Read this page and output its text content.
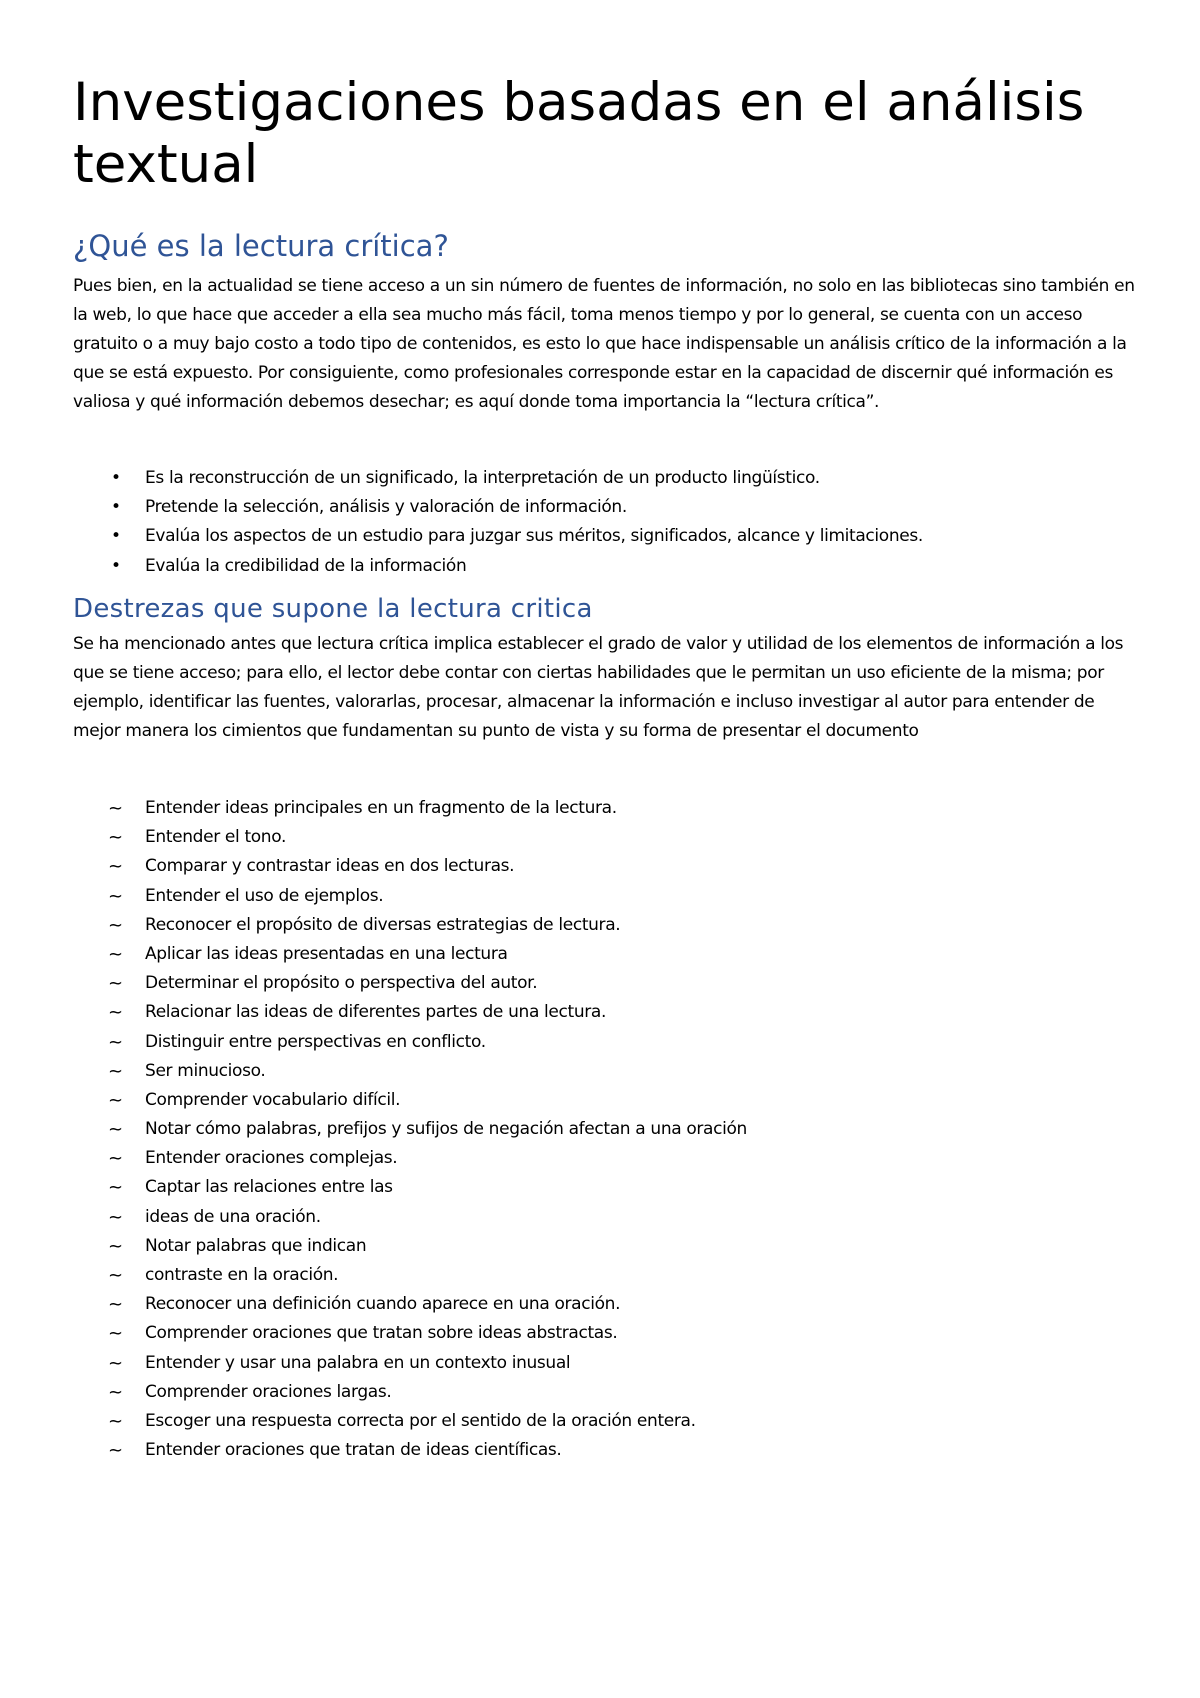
Investigaciones basadas en el análisis textual
¿Qué es la lectura crítica?

Pues bien, en la actualidad se tiene acceso a un sin número de fuentes de información, no solo en las bibliotecas sino también en la web, lo que hace que acceder a ella sea mucho más fácil, toma menos tiempo y por lo general, se cuenta con un acceso gratuito o a muy bajo costo a todo tipo de contenidos, es esto lo que hace indispensable un análisis crítico de la información a la que se está expuesto. Por consiguiente, como profesionales corresponde estar en la capacidad de discernir qué información es valiosa y qué información debemos desechar; es aquí donde toma importancia la “lectura crítica”.

• Es la reconstrucción de un significado, la interpretación de un producto lingüístico.
• Pretende la selección, análisis y valoración de información.
• Evalúa los aspectos de un estudio para juzgar sus méritos, significados, alcance y limitaciones.
• Evalúa la credibilidad de la información
Destrezas que supone la lectura critica

Se ha mencionado antes que lectura crítica implica establecer el grado de valor y utilidad de los elementos de información a los que se tiene acceso; para ello, el lector debe contar con ciertas habilidades que le permitan un uso eficiente de la misma; por ejemplo, identificar las fuentes, valorarlas, procesar, almacenar la información e incluso investigar al autor para entender de mejor manera los cimientos que fundamentan su punto de vista y su forma de presentar el documento

~ Entender ideas principales en un fragmento de la lectura.
~ Entender el tono.
~ Comparar y contrastar ideas en dos lecturas.
~ Entender el uso de ejemplos.
~ Reconocer el propósito de diversas estrategias de lectura.
~ Aplicar las ideas presentadas en una lectura
~ Determinar el propósito o perspectiva del autor.
~ Relacionar las ideas de diferentes partes de una lectura.
~ Distinguir entre perspectivas en conflicto.
~ Ser minucioso.
~ Comprender vocabulario difícil.
~ Notar cómo palabras, prefijos y sufijos de negación afectan a una oración
~ Entender oraciones complejas.
~ Captar las relaciones entre las
~ ideas de una oración.
~ Notar palabras que indican
~ contraste en la oración.
~ Reconocer una definición cuando aparece en una oración.
~ Comprender oraciones que tratan sobre ideas abstractas.
~ Entender y usar una palabra en un contexto inusual
~ Comprender oraciones largas.
~ Escoger una respuesta correcta por el sentido de la oración entera.
~ Entender oraciones que tratan de ideas científicas.
